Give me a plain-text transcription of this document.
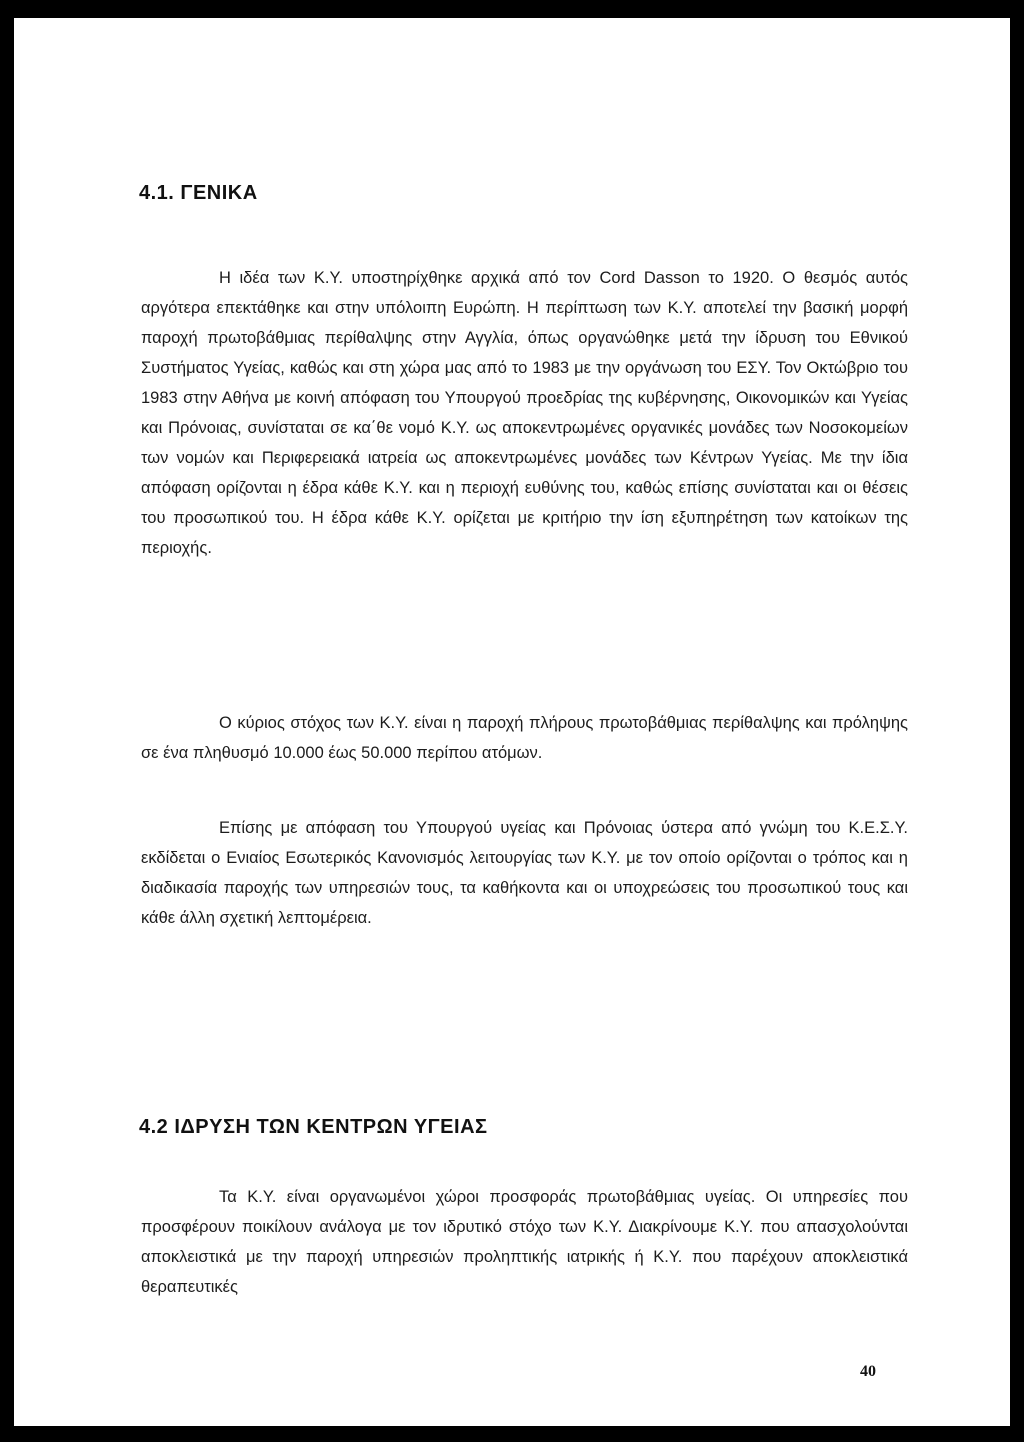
4.1. ΓΕΝΙΚΑ

Η ιδέα των Κ.Υ. υποστηρίχθηκε αρχικά από τον Cord Dasson το 1920. Ο θεσμός αυτός αργότερα επεκτάθηκε και στην υπόλοιπη Ευρώπη. Η περίπτωση των Κ.Υ. αποτελεί την βασική μορφή παροχή πρωτοβάθμιας περίθαλψης στην Αγγλία, όπως οργανώθηκε μετά την ίδρυση του Εθνικού Συστήματος Υγείας, καθώς και στη χώρα μας από το 1983 με την οργάνωση του ΕΣΥ. Τον Οκτώβριο του 1983 στην Αθήνα με κοινή απόφαση του Υπουργού προεδρίας της κυβέρνησης, Οικονομικών και Υγείας και Πρόνοιας, συνίσταται σε κα΄θε νομό Κ.Υ. ως αποκεντρωμένες οργανικές μονάδες των Νοσοκομείων των νομών και Περιφερειακά ιατρεία ως αποκεντρωμένες μονάδες των Κέντρων Υγείας. Με την ίδια απόφαση ορίζονται η έδρα κάθε Κ.Υ. και η περιοχή ευθύνης του, καθώς επίσης συνίσταται και οι θέσεις του προσωπικού του. Η έδρα κάθε Κ.Υ. ορίζεται με κριτήριο την ίση εξυπηρέτηση των κατοίκων της περιοχής.

Ο κύριος στόχος των Κ.Υ. είναι η παροχή πλήρους πρωτοβάθμιας περίθαλψης και πρόληψης σε ένα πληθυσμό 10.000 έως 50.000 περίπου ατόμων.

Επίσης με απόφαση του Υπουργού υγείας και Πρόνοιας ύστερα από γνώμη του Κ.Ε.Σ.Υ. εκδίδεται ο Ενιαίος Εσωτερικός Κανονισμός λειτουργίας των Κ.Υ. με τον οποίο ορίζονται ο τρόπος και η διαδικασία παροχής των υπηρεσιών τους, τα καθήκοντα και οι υποχρεώσεις του προσωπικού τους και κάθε άλλη σχετική λεπτομέρεια.

4.2 ΙΔΡΥΣΗ ΤΩΝ ΚΕΝΤΡΩΝ ΥΓΕΙΑΣ

Τα Κ.Υ. είναι οργανωμένοι χώροι προσφοράς πρωτοβάθμιας υγείας. Οι υπηρεσίες που προσφέρουν ποικίλουν ανάλογα με τον ιδρυτικό στόχο των Κ.Υ. Διακρίνουμε Κ.Υ. που απασχολούνται αποκλειστικά με την παροχή υπηρεσιών προληπτικής ιατρικής ή Κ.Υ. που παρέχουν αποκλειστικά θεραπευτικές

40
